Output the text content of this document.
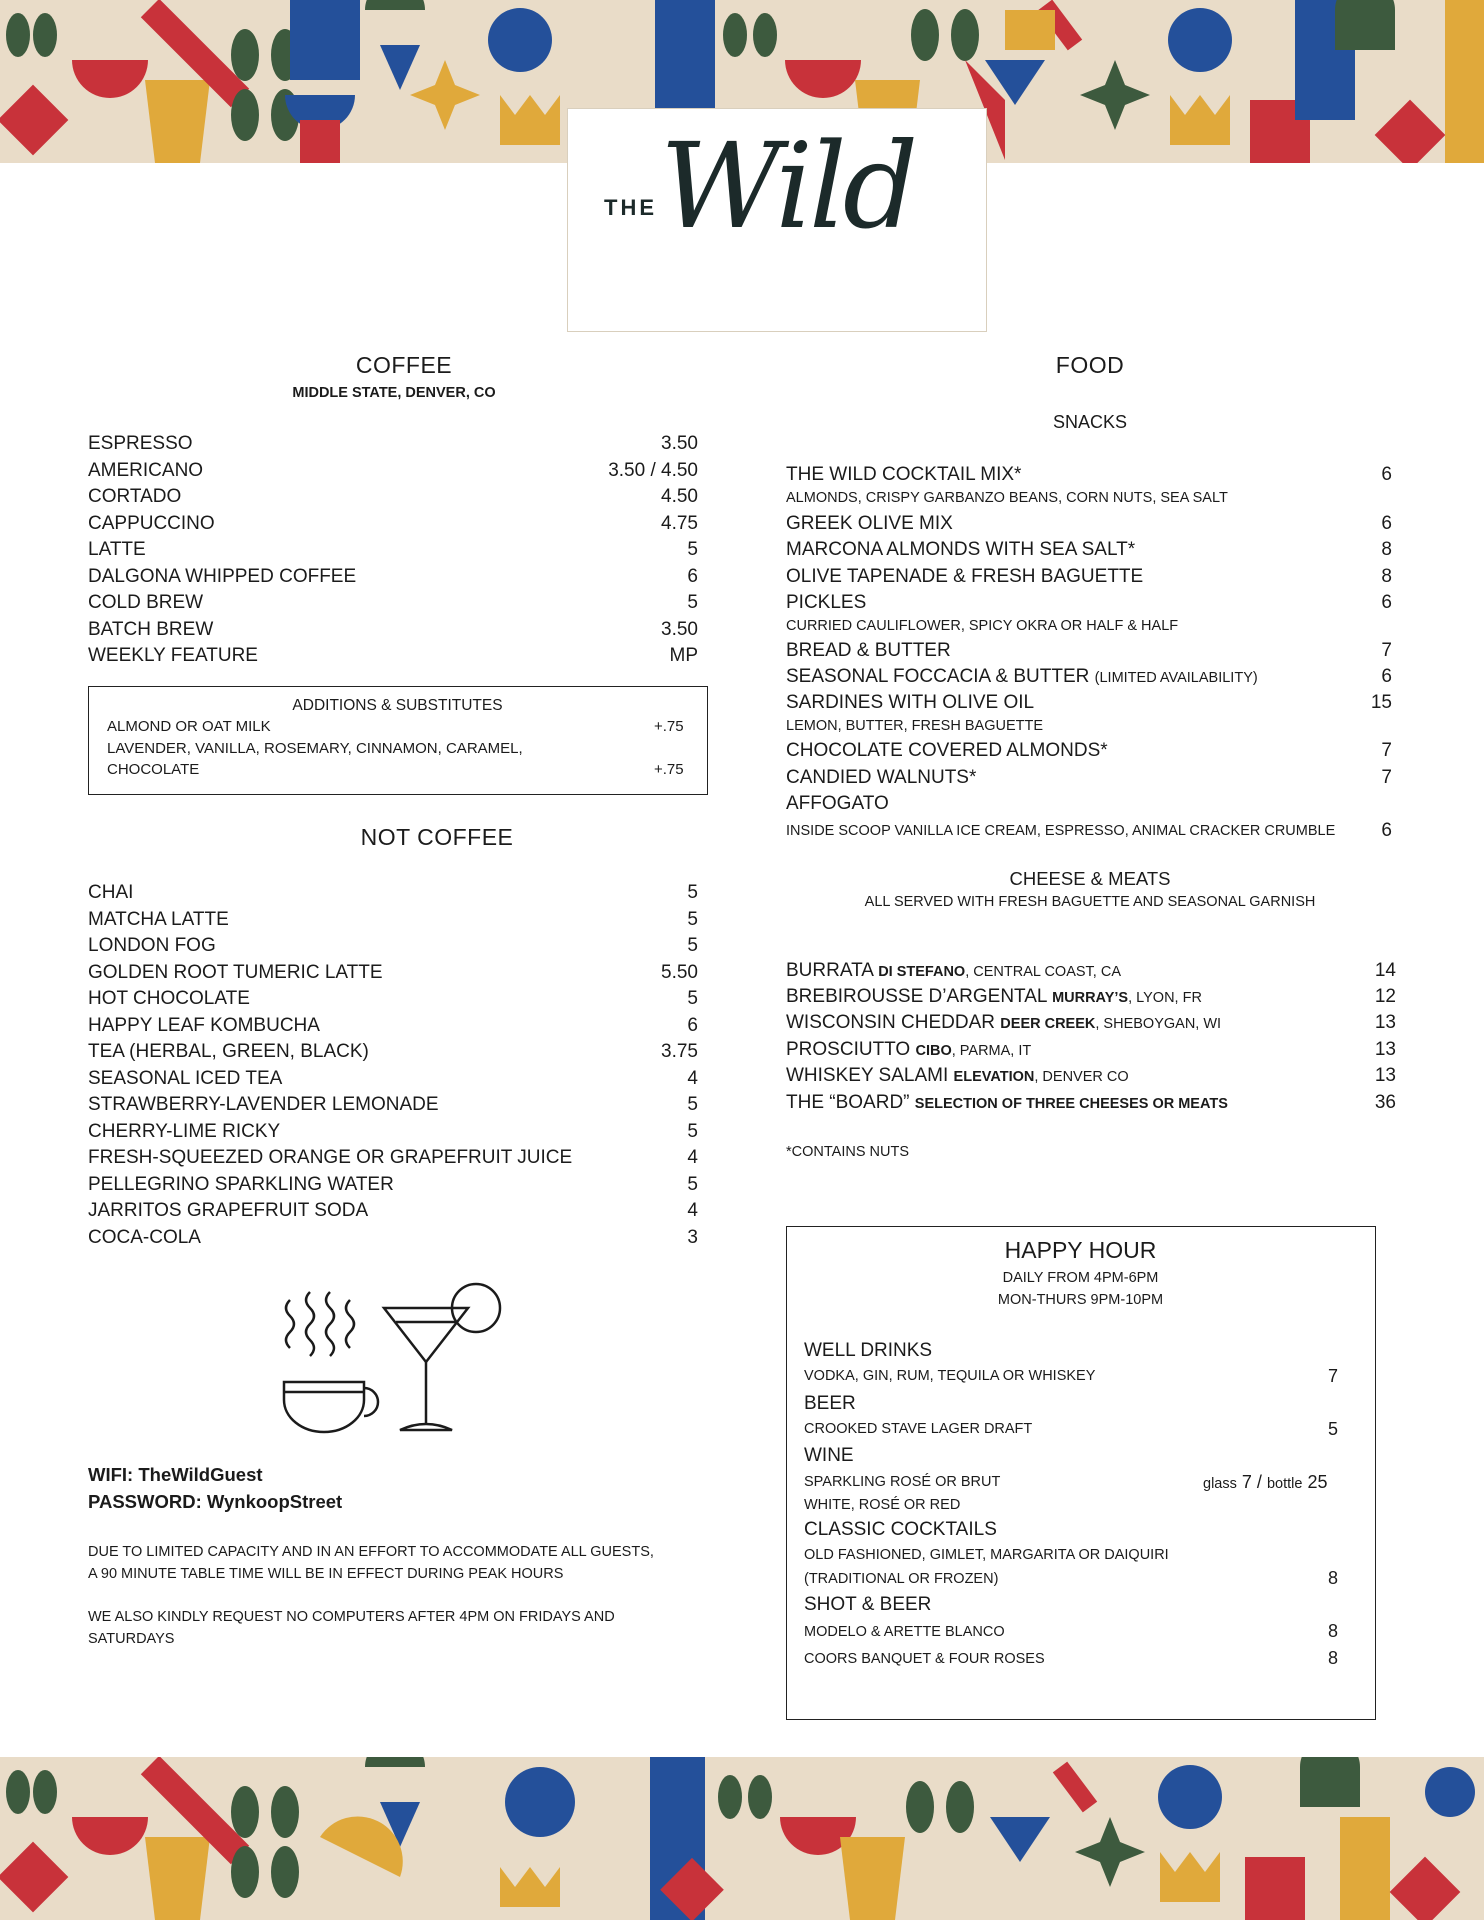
THE Wild
COFFEE
MIDDLE STATE, DENVER, CO
ESPRESSO	3.50
AMERICANO	3.50 / 4.50
CORTADO	4.50
CAPPUCCINO	4.75
LATTE	5
DALGONA WHIPPED COFFEE	6
COLD BREW	5
BATCH BREW	3.50
WEEKLY FEATURE	MP
ADDITIONS & SUBSTITUTES
ALMOND OR OAT MILK	+.75
LAVENDER, VANILLA, ROSEMARY, CINNAMON, CARAMEL,
CHOCOLATE	+.75
NOT COFFEE
CHAI	5
MATCHA LATTE	5
LONDON FOG	5
GOLDEN ROOT TUMERIC LATTE	5.50
HOT CHOCOLATE	5
HAPPY LEAF KOMBUCHA	6
TEA (HERBAL, GREEN, BLACK)	3.75
SEASONAL ICED TEA	4
STRAWBERRY-LAVENDER LEMONADE	5
CHERRY-LIME RICKY	5
FRESH-SQUEEZED ORANGE OR GRAPEFRUIT JUICE	4
PELLEGRINO SPARKLING WATER	5
JARRITOS GRAPEFRUIT SODA	4
COCA-COLA	3
WIFI: TheWildGuest
PASSWORD: WynkoopStreet
DUE TO LIMITED CAPACITY AND IN AN EFFORT TO ACCOMMODATE ALL GUESTS,
A 90 MINUTE TABLE TIME WILL BE IN EFFECT DURING PEAK HOURS
WE ALSO KINDLY REQUEST NO COMPUTERS AFTER 4PM ON FRIDAYS AND
SATURDAYS
FOOD
SNACKS
THE WILD COCKTAIL MIX*	6
ALMONDS, CRISPY GARBANZO BEANS, CORN NUTS, SEA SALT
GREEK OLIVE MIX	6
MARCONA ALMONDS WITH SEA SALT*	8
OLIVE TAPENADE & FRESH BAGUETTE	8
PICKLES	6
CURRIED CAULIFLOWER, SPICY OKRA OR HALF & HALF
BREAD & BUTTER	7
SEASONAL FOCCACIA & BUTTER (LIMITED AVAILABILITY)	6
SARDINES WITH OLIVE OIL	15
LEMON, BUTTER, FRESH BAGUETTE
CHOCOLATE COVERED ALMONDS*	7
CANDIED WALNUTS*	7
AFFOGATO
INSIDE SCOOP VANILLA ICE CREAM, ESPRESSO, ANIMAL CRACKER CRUMBLE 6
CHEESE & MEATS
ALL SERVED WITH FRESH BAGUETTE AND SEASONAL GARNISH
BURRATA DI STEFANO, CENTRAL COAST, CA	14
BREBIROUSSE D’ARGENTAL MURRAY’S, LYON, FR	12
WISCONSIN CHEDDAR DEER CREEK, SHEBOYGAN, WI	13
PROSCIUTTO CIBO, PARMA, IT	13
WHISKEY SALAMI ELEVATION, DENVER CO	13
THE “BOARD” SELECTION OF THREE CHEESES OR MEATS	36
*CONTAINS NUTS
HAPPY HOUR
DAILY FROM 4PM-6PM
MON-THURS 9PM-10PM
WELL DRINKS
VODKA, GIN, RUM, TEQUILA OR WHISKEY	7
BEER
CROOKED STAVE LAGER DRAFT	5
WINE
SPARKLING ROSÉ OR BRUT	glass 7 / bottle 25
WHITE, ROSÉ OR RED
CLASSIC COCKTAILS
OLD FASHIONED, GIMLET, MARGARITA OR DAIQUIRI
(TRADITIONAL OR FROZEN)	8
SHOT & BEER
MODELO & ARETTE BLANCO	8
COORS BANQUET & FOUR ROSES	8
